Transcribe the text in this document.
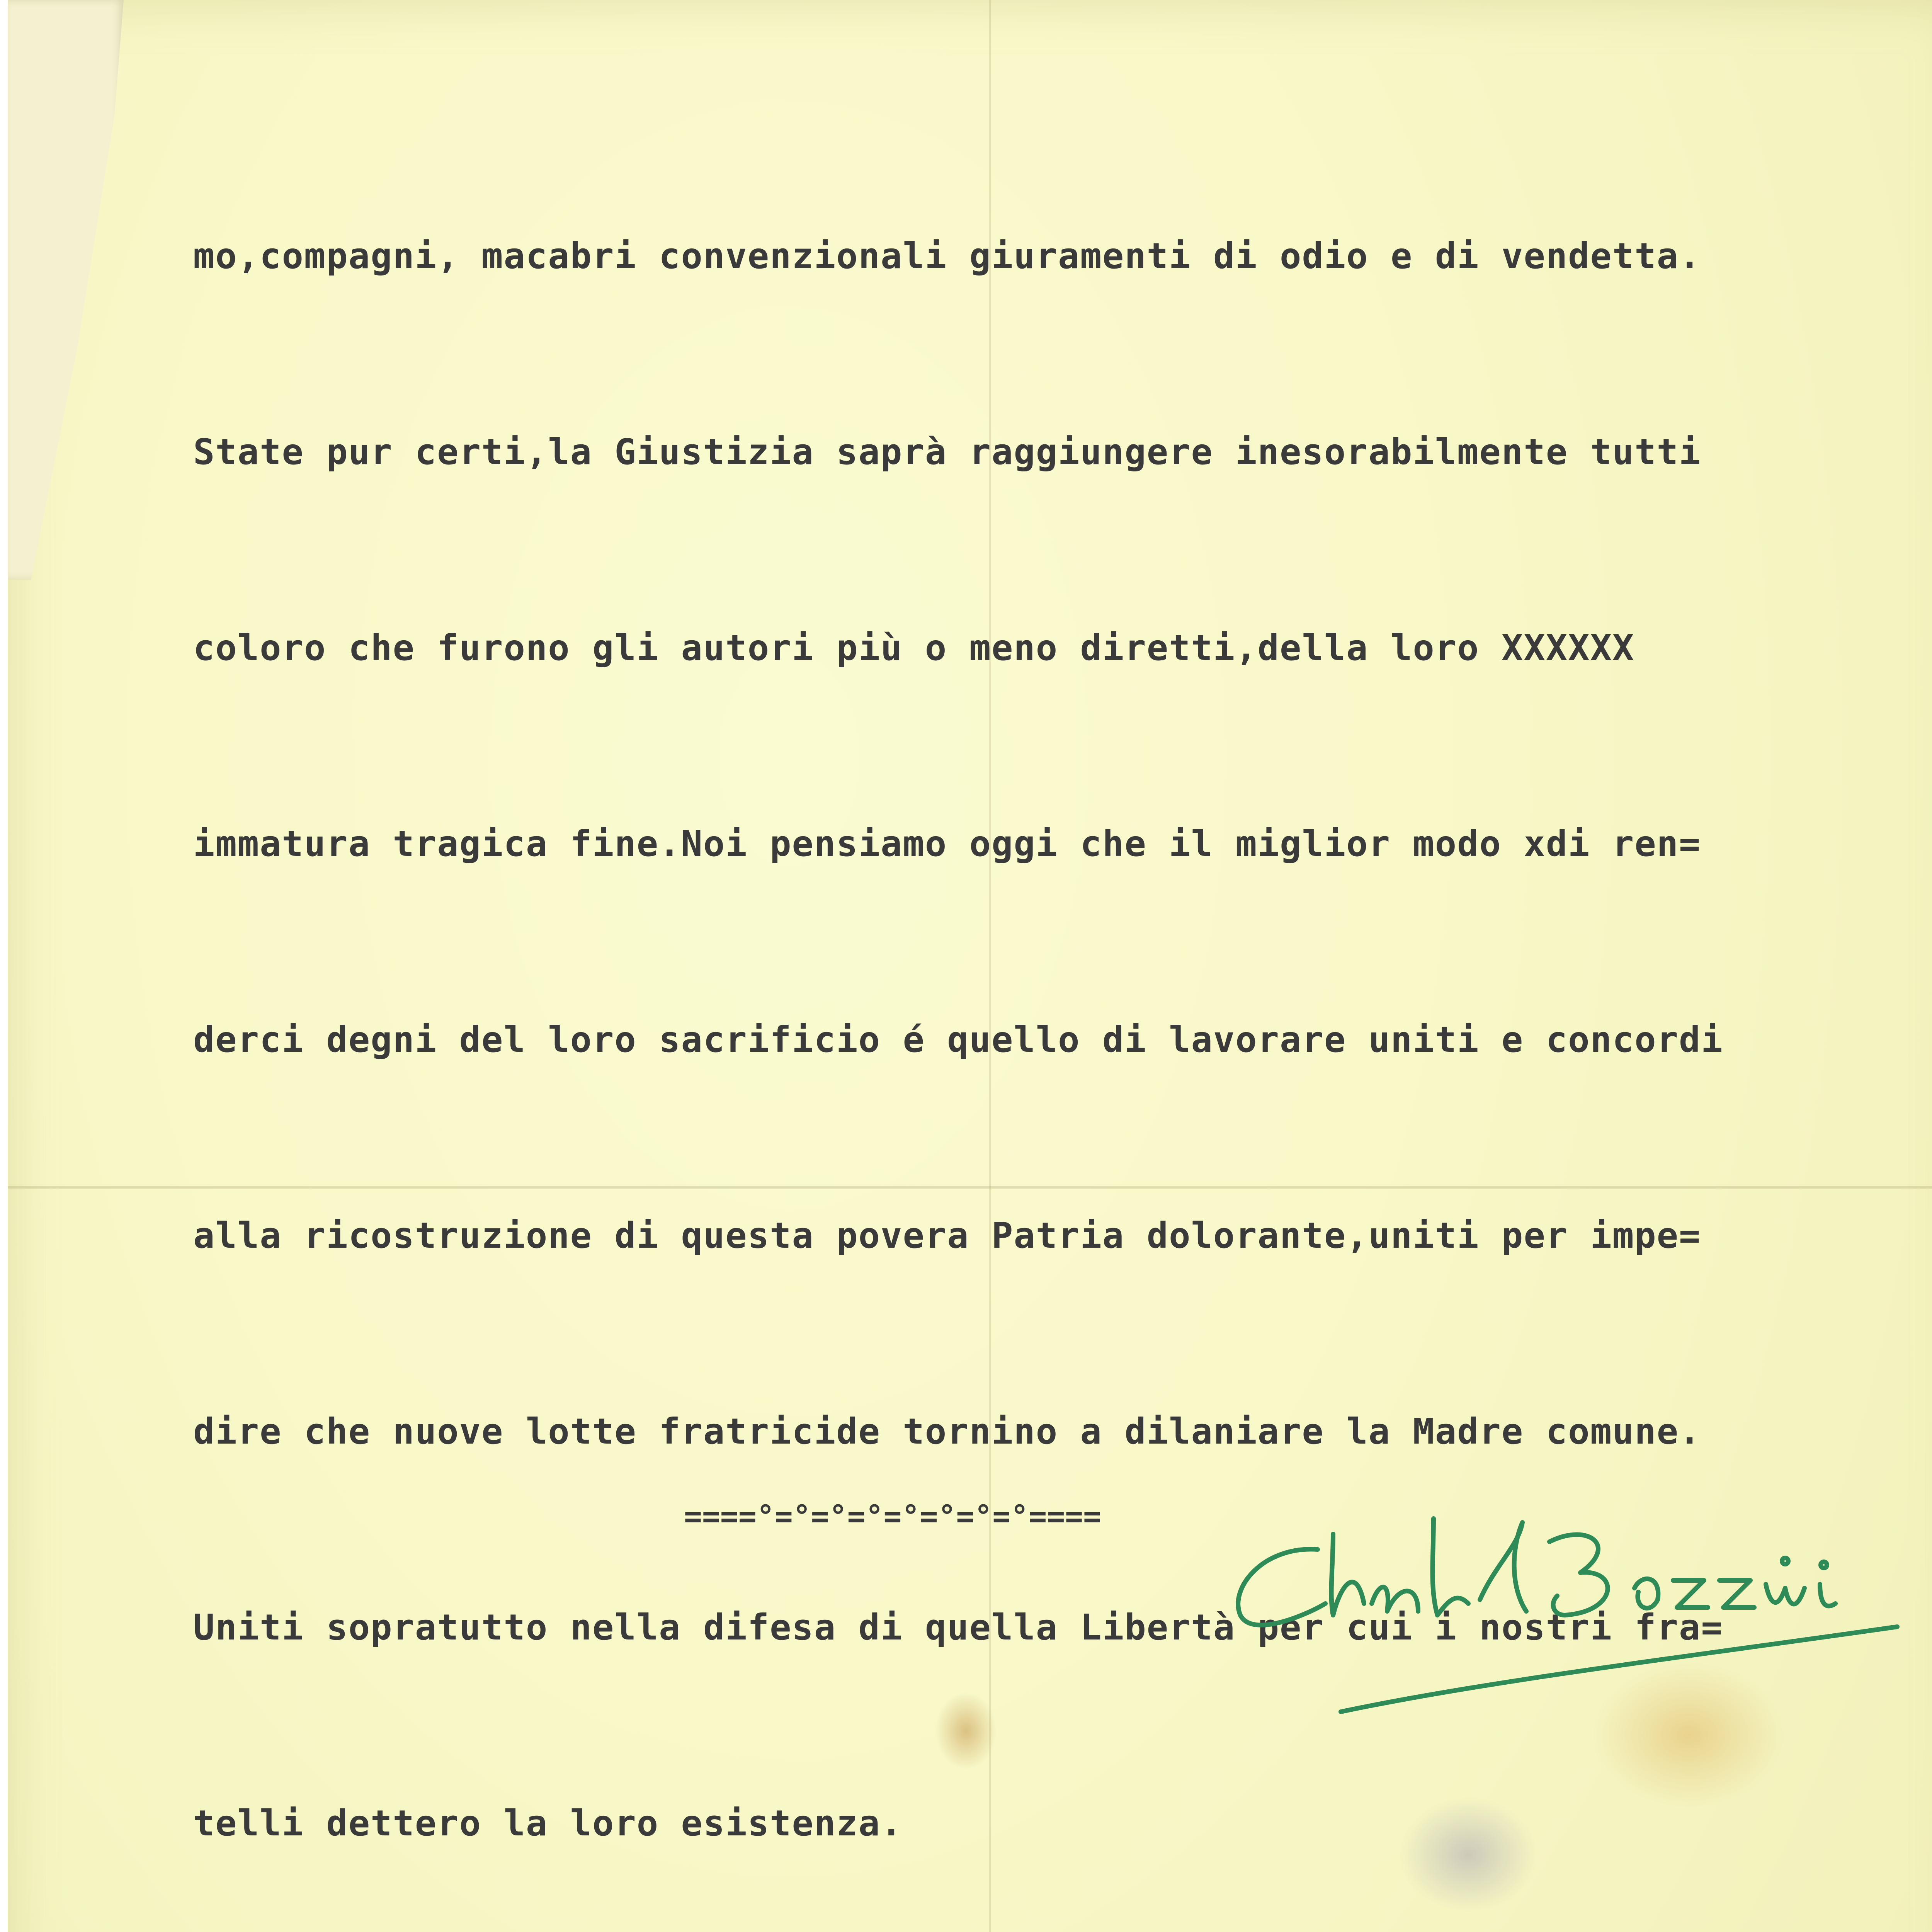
mo,compagni, macabri convenzionali giuramenti di odio e di vendetta.

State pur certi,la Giustizia saprà raggiungere inesorabilmente tutti

coloro che furono gli autori più o meno diretti,della loro XXXXXX

immatura tragica fine.Noi pensiamo oggi che il miglior modo xdi ren=

derci degni del loro sacrificio é quello di lavorare uniti e concordi

alla ricostruzione di questa povera Patria dolorante,uniti per impe=

dire che nuove lotte fratricide tornino a dilaniare la Madre comune.

Uniti sopratutto nella difesa di quella Libertà per cui i nostri fra=

telli dettero la loro esistenza.

====°=°=°=°=°=°=°=°====
